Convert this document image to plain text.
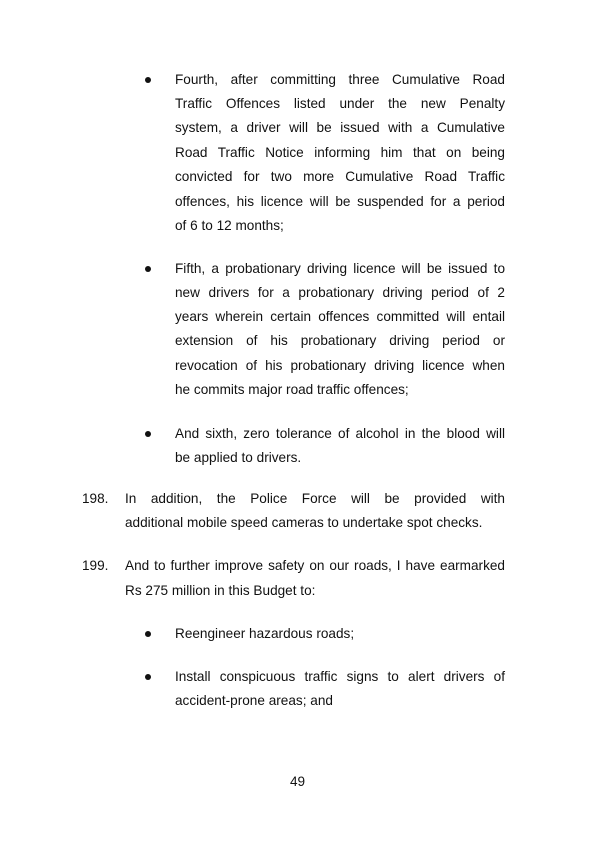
Fourth, after committing three Cumulative Road

Traffic Offences listed under the new Penalty

system, a driver will be issued with a Cumulative

Road Traffic Notice informing him that on being

convicted for two more Cumulative Road Traffic

offences, his licence will be suspended for a period

of 6 to 12 months;

Fifth, a probationary driving licence will be issued to

new drivers for a probationary driving period of 2

years wherein certain offences committed will entail

extension of his probationary driving period or

revocation of his probationary driving licence when

he commits major road traffic offences;

And sixth, zero tolerance of alcohol in the blood will

be applied to drivers.

198. In addition, the Police Force will be provided with

additional mobile speed cameras to undertake spot checks.

199. And to further improve safety on our roads, I have earmarked

Rs 275 million in this Budget to:

Reengineer hazardous roads;

Install conspicuous traffic signs to alert drivers of

accident-prone areas; and

49
